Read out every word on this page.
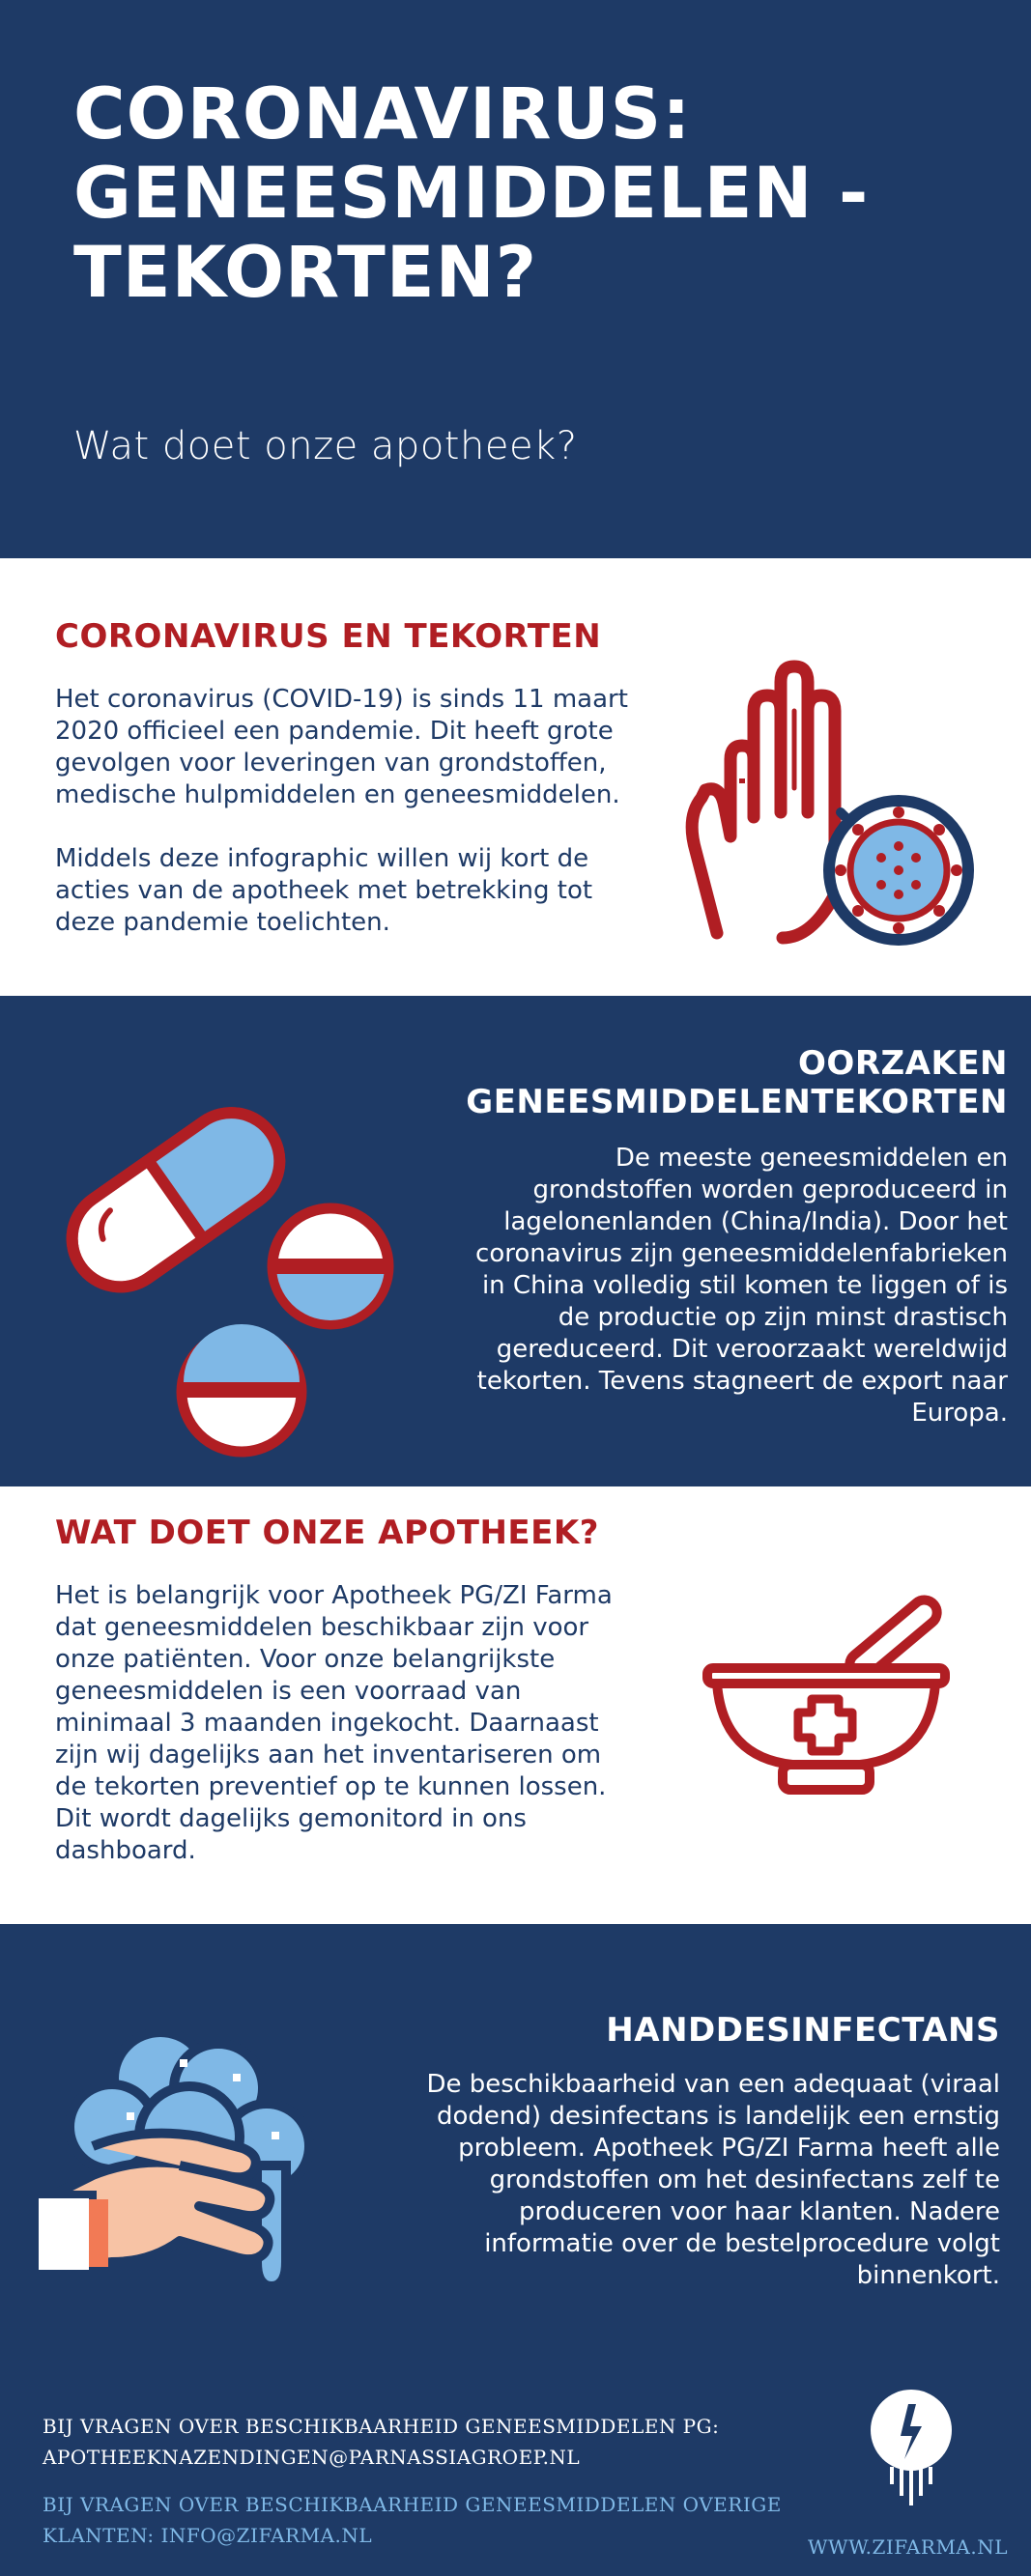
CORONAVIRUS:
GENEESMIDDELEN -
TEKORTEN?
Wat doet onze apotheek?
CORONAVIRUS EN TEKORTEN

Het coronavirus (COVID-19) is sinds 11 maart
2020 officieel een pandemie. Dit heeft grote
gevolgen voor leveringen van grondstoffen,
medische hulpmiddelen en geneesmiddelen.

Middels deze infographic willen wij kort de
acties van de apotheek met betrekking tot
deze pandemie toelichten.

OORZAKEN
GENEESMIDDELENTEKORTEN

De meeste geneesmiddelen en
grondstoffen worden geproduceerd in
lagelonenlanden (China/India). Door het
coronavirus zijn geneesmiddelenfabrieken
in China volledig stil komen te liggen of is
de productie op zijn minst drastisch
gereduceerd. Dit veroorzaakt wereldwijd
tekorten. Tevens stagneert de export naar
Europa.

WAT DOET ONZE APOTHEEK?

Het is belangrijk voor Apotheek PG/ZI Farma
dat geneesmiddelen beschikbaar zijn voor
onze patiënten. Voor onze belangrijkste
geneesmiddelen is een voorraad van
minimaal 3 maanden ingekocht. Daarnaast
zijn wij dagelijks aan het inventariseren om
de tekorten preventief op te kunnen lossen.
Dit wordt dagelijks gemonitord in ons
dashboard.

HANDDESINFECTANS

De beschikbaarheid van een adequaat (viraal
dodend) desinfectans is landelijk een ernstig
probleem. Apotheek PG/ZI Farma heeft alle
grondstoffen om het desinfectans zelf te
produceren voor haar klanten. Nadere
informatie over de bestelprocedure volgt
binnenkort.

BIJ VRAGEN OVER BESCHIKBAARHEID GENEESMIDDELEN PG:
APOTHEEKNAZENDINGEN@PARNASSIAGROEP.NL

BIJ VRAGEN OVER BESCHIKBAARHEID GENEESMIDDELEN OVERIGE
KLANTEN: INFO@ZIFARMA.NL	WWW.ZIFARMA.NL
